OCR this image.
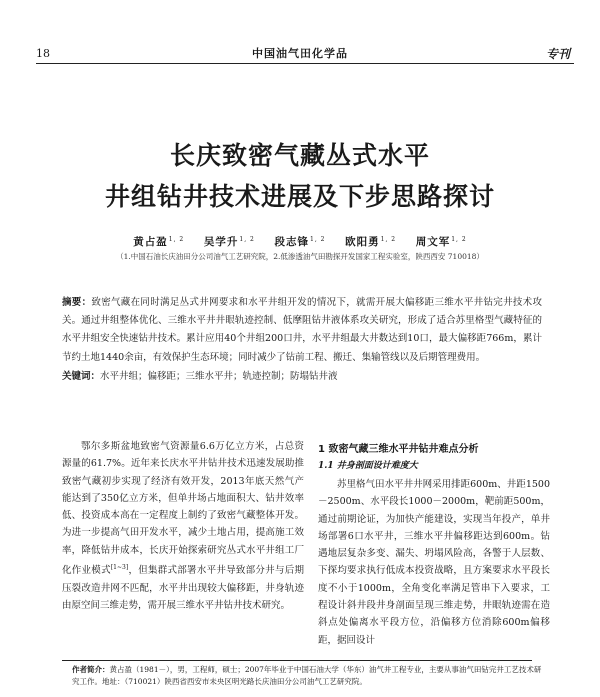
18	中国油气田化学品	专刊
长庆致密气藏丛式水平
井组钻井技术进展及下步思路探讨
黄占盈$^{1, 2}$ 吴学升$^{1, 2}$ 段志锋$^{1, 2}$ 欧阳勇$^{1, 2}$ 周文军$^{1, 2}$
（1.中国石油长庆油田分公司油气工艺研究院，2.低渗透油气田勘探开发国家工程实验室，陕西西安 710018）
摘要：致密气藏在同时满足丛式井网要求和水平井组开发的情况下，就需开展大偏移距三维水平井钻完井技术攻关。通过井组整体优化、三维水平井井眼轨迹控制、低摩阻钻井液体系攻关研究，形成了适合苏里格型气藏特征的水平井组安全快速钻井技术。累计应用40个井组200口井，水平井组最大井数达到10口，最大偏移距766m，累计节约土地1440余亩，有效保护生态环境；同时减少了钻前工程、搬迁、集输管线以及后期管理费用。
关键词：水平井组；偏移距；三维水平井；轨迹控制；防塌钻井液
鄂尔多斯盆地致密气资源量6.6万亿立方米，占总资源量的61.7%。近年来长庆水平井钻井技术迅速发展助推致密气藏初步实现了经济有效开发，2013年底天然气产能达到了350亿立方米，但单井场占地面积大、钻井效率低、投资成本高在一定程度上制约了致密气藏整体开发。为进一步提高气田开发水平，减少土地占用，提高施工效率，降低钻井成本，长庆开始探索研究丛式水平井组工厂化作业模式[1~3]，但集群式部署水平井导致部分井与后期压裂改造井网不匹配，水平井出现较大偏移距，井身轨迹由原空间三维走势，需开展三维水平井钻井技术研究。
1 致密气藏三维水平井钻井难点分析
1.1 井身剖面设计难度大
苏里格气田水平井井网采用排距600m、井距1500－2500m、水平段长1000－2000m，靶前距500m，通过前期论证，为加快产能建设，实现当年投产，单井场部署6口水平井，三维水平井偏移距达到600m。钻遇地层复杂多变、漏失、坍塌风险高，各警于人层数、下探均要求执行低成本投资战略，且方案要求水平段长度不小于1000m，全角变化率满足管串下入要求，工程设计斜井段井身剖面呈现三维走势，井眼轨迹需在造斜点处偏离水平段方位，沿偏移方位消除600m偏移距，据回设计
作者简介：黄占盈（1981－），男，工程师，硕士；2007年毕业于中国石油大学（华东）油气井工程专业，主要从事油气田钻完井工艺技术研究工作。地址：（710021）陕西省西安市未央区明光路长庆油田分公司油气工艺研究院。
